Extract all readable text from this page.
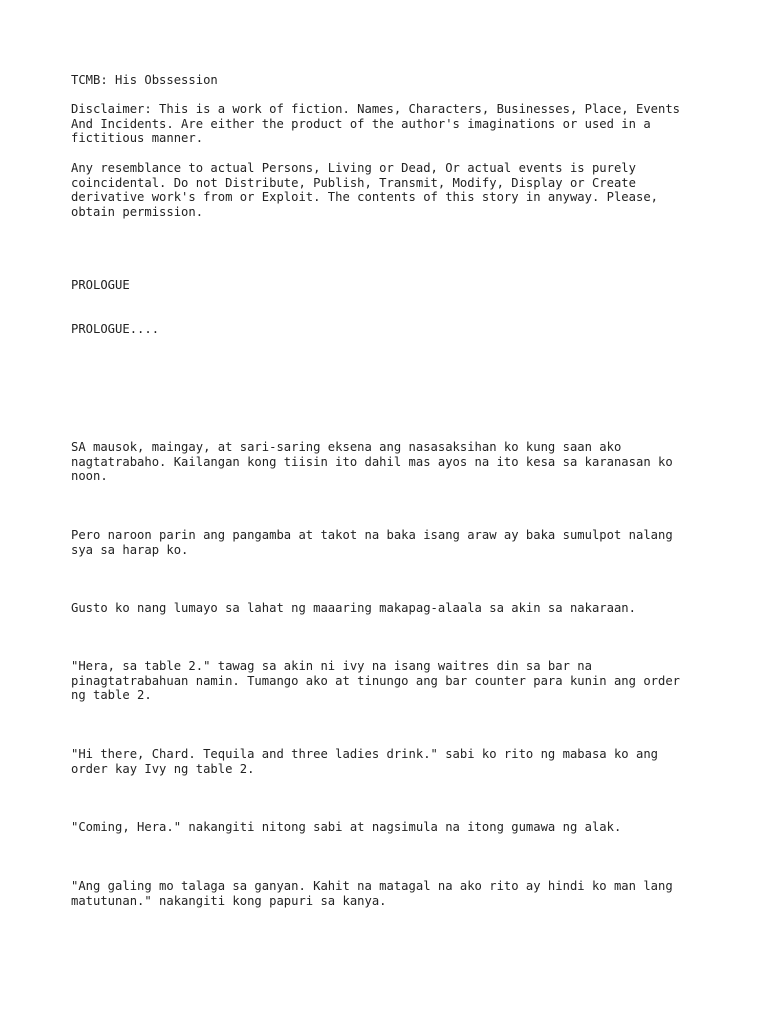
TCMB: His Obssession

Disclaimer: This is a work of fiction. Names, Characters, Businesses, Place, Events
And Incidents. Are either the product of the author's imaginations or used in a
fictitious manner.

Any resemblance to actual Persons, Living or Dead, Or actual events is purely
coincidental. Do not Distribute, Publish, Transmit, Modify, Display or Create
derivative work's from or Exploit. The contents of this story in anyway. Please,
obtain permission.

PROLOGUE

PROLOGUE....

SA mausok, maingay, at sari-saring eksena ang nasasaksihan ko kung saan ako
nagtatrabaho. Kailangan kong tiisin ito dahil mas ayos na ito kesa sa karanasan ko
noon.

Pero naroon parin ang pangamba at takot na baka isang araw ay baka sumulpot nalang
sya sa harap ko.

Gusto ko nang lumayo sa lahat ng maaaring makapag-alaala sa akin sa nakaraan.

"Hera, sa table 2." tawag sa akin ni ivy na isang waitres din sa bar na
pinagtatrabahuan namin. Tumango ako at tinungo ang bar counter para kunin ang order
ng table 2.

"Hi there, Chard. Tequila and three ladies drink." sabi ko rito ng mabasa ko ang
order kay Ivy ng table 2.

"Coming, Hera." nakangiti nitong sabi at nagsimula na itong gumawa ng alak.

"Ang galing mo talaga sa ganyan. Kahit na matagal na ako rito ay hindi ko man lang
matutunan." nakangiti kong papuri sa kanya.
